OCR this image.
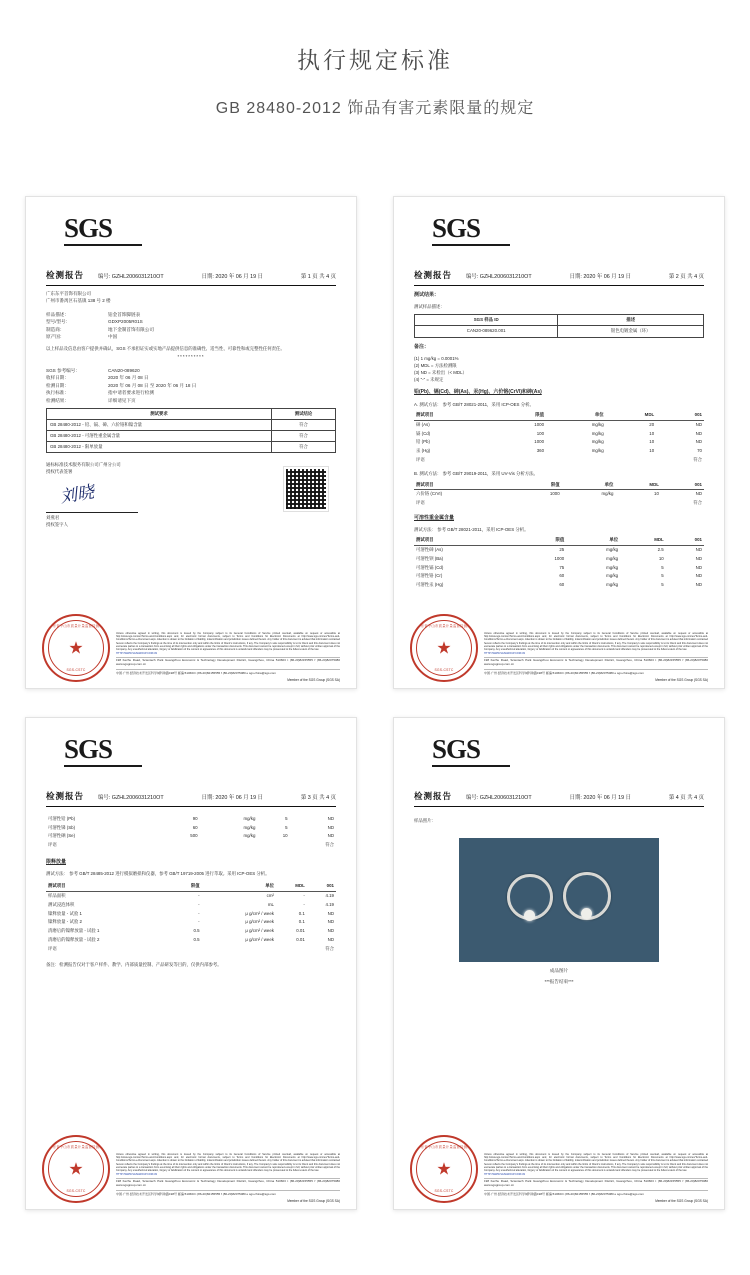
执行规定标准
GB 28480-2012 饰品有害元素限量的规定
SGS
检测报告	编号: GZHL2006031210OT	日期: 2020 年 06 月 19 日	第 1 页 共 4 页
广东东平首饰有限公司
广州市番禺区石基镇 138 号 2 楼
样品描述：	铂金首饰脚链表
型号/型号：	GDXP2005R01S
制造商：	地下金制首饰有限公司
原产国：	中国
以上样品及信息由客户提供并确认，SGS 不承担证实或实地产品提供信息的准确性、适当性、可靠性和或完整性任何责任。
**********
SGS 参考编号：	CAN20-089620
收样日期：	2020 年 06 月 08 日
检测日期：	2020 年 06 月 08 日 至 2020 年 06 月 18 日
执行标准：	指中请者要求进行检测
检测结果：	详细请见下页
测试要求	测试结论
GB 28480-2012 - 铅、镉、砷、六价铬和镍含量	符合
GB 28480-2012 - 可溶性重金属含量	符合
GB 28480-2012 - 限单放量	符合
通标标准技术服务有限公司广州分公司
授权代表签署
刘晓
刘燕君
授权签字人
广东省中山市质量计量监督检测所
★
SGS-CSTC
Unless otherwise agreed in writing, this document is issued by the Company subject to its General Conditions of Service printed overleaf, available on request or accessible at http://www.sgs.com/en/Terms-and-Conditions.aspx and, for electronic format documents, subject to Terms and Conditions for Electronic Documents at http://www.sgs.com/en/Terms-and-Conditions/Terms-e-Document.aspx. Attention is drawn to the limitation of liability, indemnification and jurisdiction issues defined therein. Any holder of this document is advised that information contained hereon reflects the Company's findings at the time of its intervention only and within the limits of Client's instructions, if any. The Company's sole responsibility is to its Client and this document does not exonerate parties to a transaction from exercising all their rights and obligations under the transaction documents. This document cannot be reproduced except in full, without prior written approval of the Company. Any unauthorized alteration, forgery or falsification of the content or appearance of this document is unlawful and offenders may be prosecuted to the fullest extent of the law.
HTTP://WWW.SGSGROUP.COM.CN
198 Kezhu Road, Scientech Park Guangzhou Economic & Technology Development District, Guangzhou, China 510663 t (86-20)82155555 f (86-20)82075080 www.sgsgroup.com.cn
中国·广州·经济技术开发区科学城科珠路198号 邮编:510663 t (86-20)82155555 f (86-20)82075080 e sgs.china@sgs.com
Member of the SGS Group (SGS SA)
SGS
检测报告	编号: GZHL2006031210OT	日期: 2020 年 06 月 19 日	第 2 页 共 4 页
测试结果：
测试样品描述：
SGS 样品 ID	描述
CAN20-089620.001	银色电镀金属（环）
备注：
(1) 1 mg/kg = 0.0001%
(2) MDL = 方法检测限
(3) ND = 未检出（< MDL）
(4) "-" = 未规定
铅(Pb)、镉(Cd)、砷(As)、汞(Hg)、六价铬(CrVI)和砷(As)
A. 测试方法： 参考 GB/T 28021-2011，采用 ICP-OES 分析。
测试项目	限值	单位	MDL	001
砷 (As)	1000	mg/kg	20	ND
镉 (Cd)	100	mg/kg	10	ND
铅 (Pb)	1000	mg/kg	10	ND
汞 (Hg)	360	mg/kg	10	70
评语				符合
B. 测试方法： 参考 GB/T 29019-2011，采用 UV-Vis 分析方法。
测试项目	限值	单位	MDL	001
六价铬 (CrVI)	1000	mg/kg	10	ND
评语				符合
可溶性重金属含量
测试方法： 参考 GB/T 28021-2011，采用 ICP-OES 分析。
测试项目	限值	单位	MDL	001
可溶性砷 (As)	25	mg/kg	2.5	ND
可溶性钡 (Ba)	1000	mg/kg	10	ND
可溶性镉 (Cd)	75	mg/kg	5	ND
可溶性铬 (Cr)	60	mg/kg	5	ND
可溶性汞 (Hg)	60	mg/kg	5	ND
广东省中山市质量计量监督检测所
★
SGS-CSTC
Unless otherwise agreed in writing, this document is issued by the Company subject to its General Conditions of Service printed overleaf, available on request or accessible at http://www.sgs.com/en/Terms-and-Conditions.aspx and, for electronic format documents, subject to Terms and Conditions for Electronic Documents at http://www.sgs.com/en/Terms-and-Conditions/Terms-e-Document.aspx. Attention is drawn to the limitation of liability, indemnification and jurisdiction issues defined therein. Any holder of this document is advised that information contained hereon reflects the Company's findings at the time of its intervention only and within the limits of Client's instructions, if any. The Company's sole responsibility is to its Client and this document does not exonerate parties to a transaction from exercising all their rights and obligations under the transaction documents. This document cannot be reproduced except in full, without prior written approval of the Company. Any unauthorized alteration, forgery or falsification of the content or appearance of this document is unlawful and offenders may be prosecuted to the fullest extent of the law.
HTTP://WWW.SGSGROUP.COM.CN
198 Kezhu Road, Scientech Park Guangzhou Economic & Technology Development District, Guangzhou, China 510663 t (86-20)82155555 f (86-20)82075080 www.sgsgroup.com.cn
中国·广州·经济技术开发区科学城科珠路198号 邮编:510663 t (86-20)82155555 f (86-20)82075080 e sgs.china@sgs.com
Member of the SGS Group (SGS SA)
SGS
检测报告	编号: GZHL2006031210OT	日期: 2020 年 06 月 19 日	第 3 页 共 4 页
可溶性铅 (Pb)	90	mg/kg	5	ND
可溶性锑 (Sb)	60	mg/kg	5	ND
可溶性硒 (Se)	500	mg/kg	10	ND
评语				符合
限释放量
测试方法： 参考 GB/T 28485-2012 进行模拟磨损和仪器，参考 GB/T 19719-2005 进行萃取。采用 ICP-OES 分析。
测试项目	限值	单位	MDL	001
样品面积	-	cm²	-	4.19
测试浸泡体积	-	mL	-	4.19
镍释放量 - 试验 1	-	μ g/cm² / week	0.1	ND
镍释放量 - 试验 2	-	μ g/cm² / week	0.1	ND
清磨后的镍释放量 - 试验 1	0.5	μ g/cm² / week	0.01	ND
清磨后的镍释放量 - 试验 2	0.5	μ g/cm² / week	0.01	ND
评语				符合
备注：检测报告仅对于客户样件、教学、内部质量控制、产品研发等目的，仅供内部参考。
广东省中山市质量计量监督检测所
★
SGS-CSTC
Unless otherwise agreed in writing, this document is issued by the Company subject to its General Conditions of Service printed overleaf, available on request or accessible at http://www.sgs.com/en/Terms-and-Conditions.aspx and, for electronic format documents, subject to Terms and Conditions for Electronic Documents at http://www.sgs.com/en/Terms-and-Conditions/Terms-e-Document.aspx. Attention is drawn to the limitation of liability, indemnification and jurisdiction issues defined therein. Any holder of this document is advised that information contained hereon reflects the Company's findings at the time of its intervention only and within the limits of Client's instructions, if any. The Company's sole responsibility is to its Client and this document does not exonerate parties to a transaction from exercising all their rights and obligations under the transaction documents. This document cannot be reproduced except in full, without prior written approval of the Company. Any unauthorized alteration, forgery or falsification of the content or appearance of this document is unlawful and offenders may be prosecuted to the fullest extent of the law.
HTTP://WWW.SGSGROUP.COM.CN
198 Kezhu Road, Scientech Park Guangzhou Economic & Technology Development District, Guangzhou, China 510663 t (86-20)82155555 f (86-20)82075080 www.sgsgroup.com.cn
中国·广州·经济技术开发区科学城科珠路198号 邮编:510663 t (86-20)82155555 f (86-20)82075080 e sgs.china@sgs.com
Member of the SGS Group (SGS SA)
SGS
检测报告	编号: GZHL2006031210OT	日期: 2020 年 06 月 19 日	第 4 页 共 4 页
样品照片：
成品图片
***报告结束***
广东省中山市质量计量监督检测所
★
SGS-CSTC
Unless otherwise agreed in writing, this document is issued by the Company subject to its General Conditions of Service printed overleaf, available on request or accessible at http://www.sgs.com/en/Terms-and-Conditions.aspx and, for electronic format documents, subject to Terms and Conditions for Electronic Documents at http://www.sgs.com/en/Terms-and-Conditions/Terms-e-Document.aspx. Attention is drawn to the limitation of liability, indemnification and jurisdiction issues defined therein. Any holder of this document is advised that information contained hereon reflects the Company's findings at the time of its intervention only and within the limits of Client's instructions, if any. The Company's sole responsibility is to its Client and this document does not exonerate parties to a transaction from exercising all their rights and obligations under the transaction documents. This document cannot be reproduced except in full, without prior written approval of the Company. Any unauthorized alteration, forgery or falsification of the content or appearance of this document is unlawful and offenders may be prosecuted to the fullest extent of the law.
HTTP://WWW.SGSGROUP.COM.CN
198 Kezhu Road, Scientech Park Guangzhou Economic & Technology Development District, Guangzhou, China 510663 t (86-20)82155555 f (86-20)82075080 www.sgsgroup.com.cn
中国·广州·经济技术开发区科学城科珠路198号 邮编:510663 t (86-20)82155555 f (86-20)82075080 e sgs.china@sgs.com
Member of the SGS Group (SGS SA)
